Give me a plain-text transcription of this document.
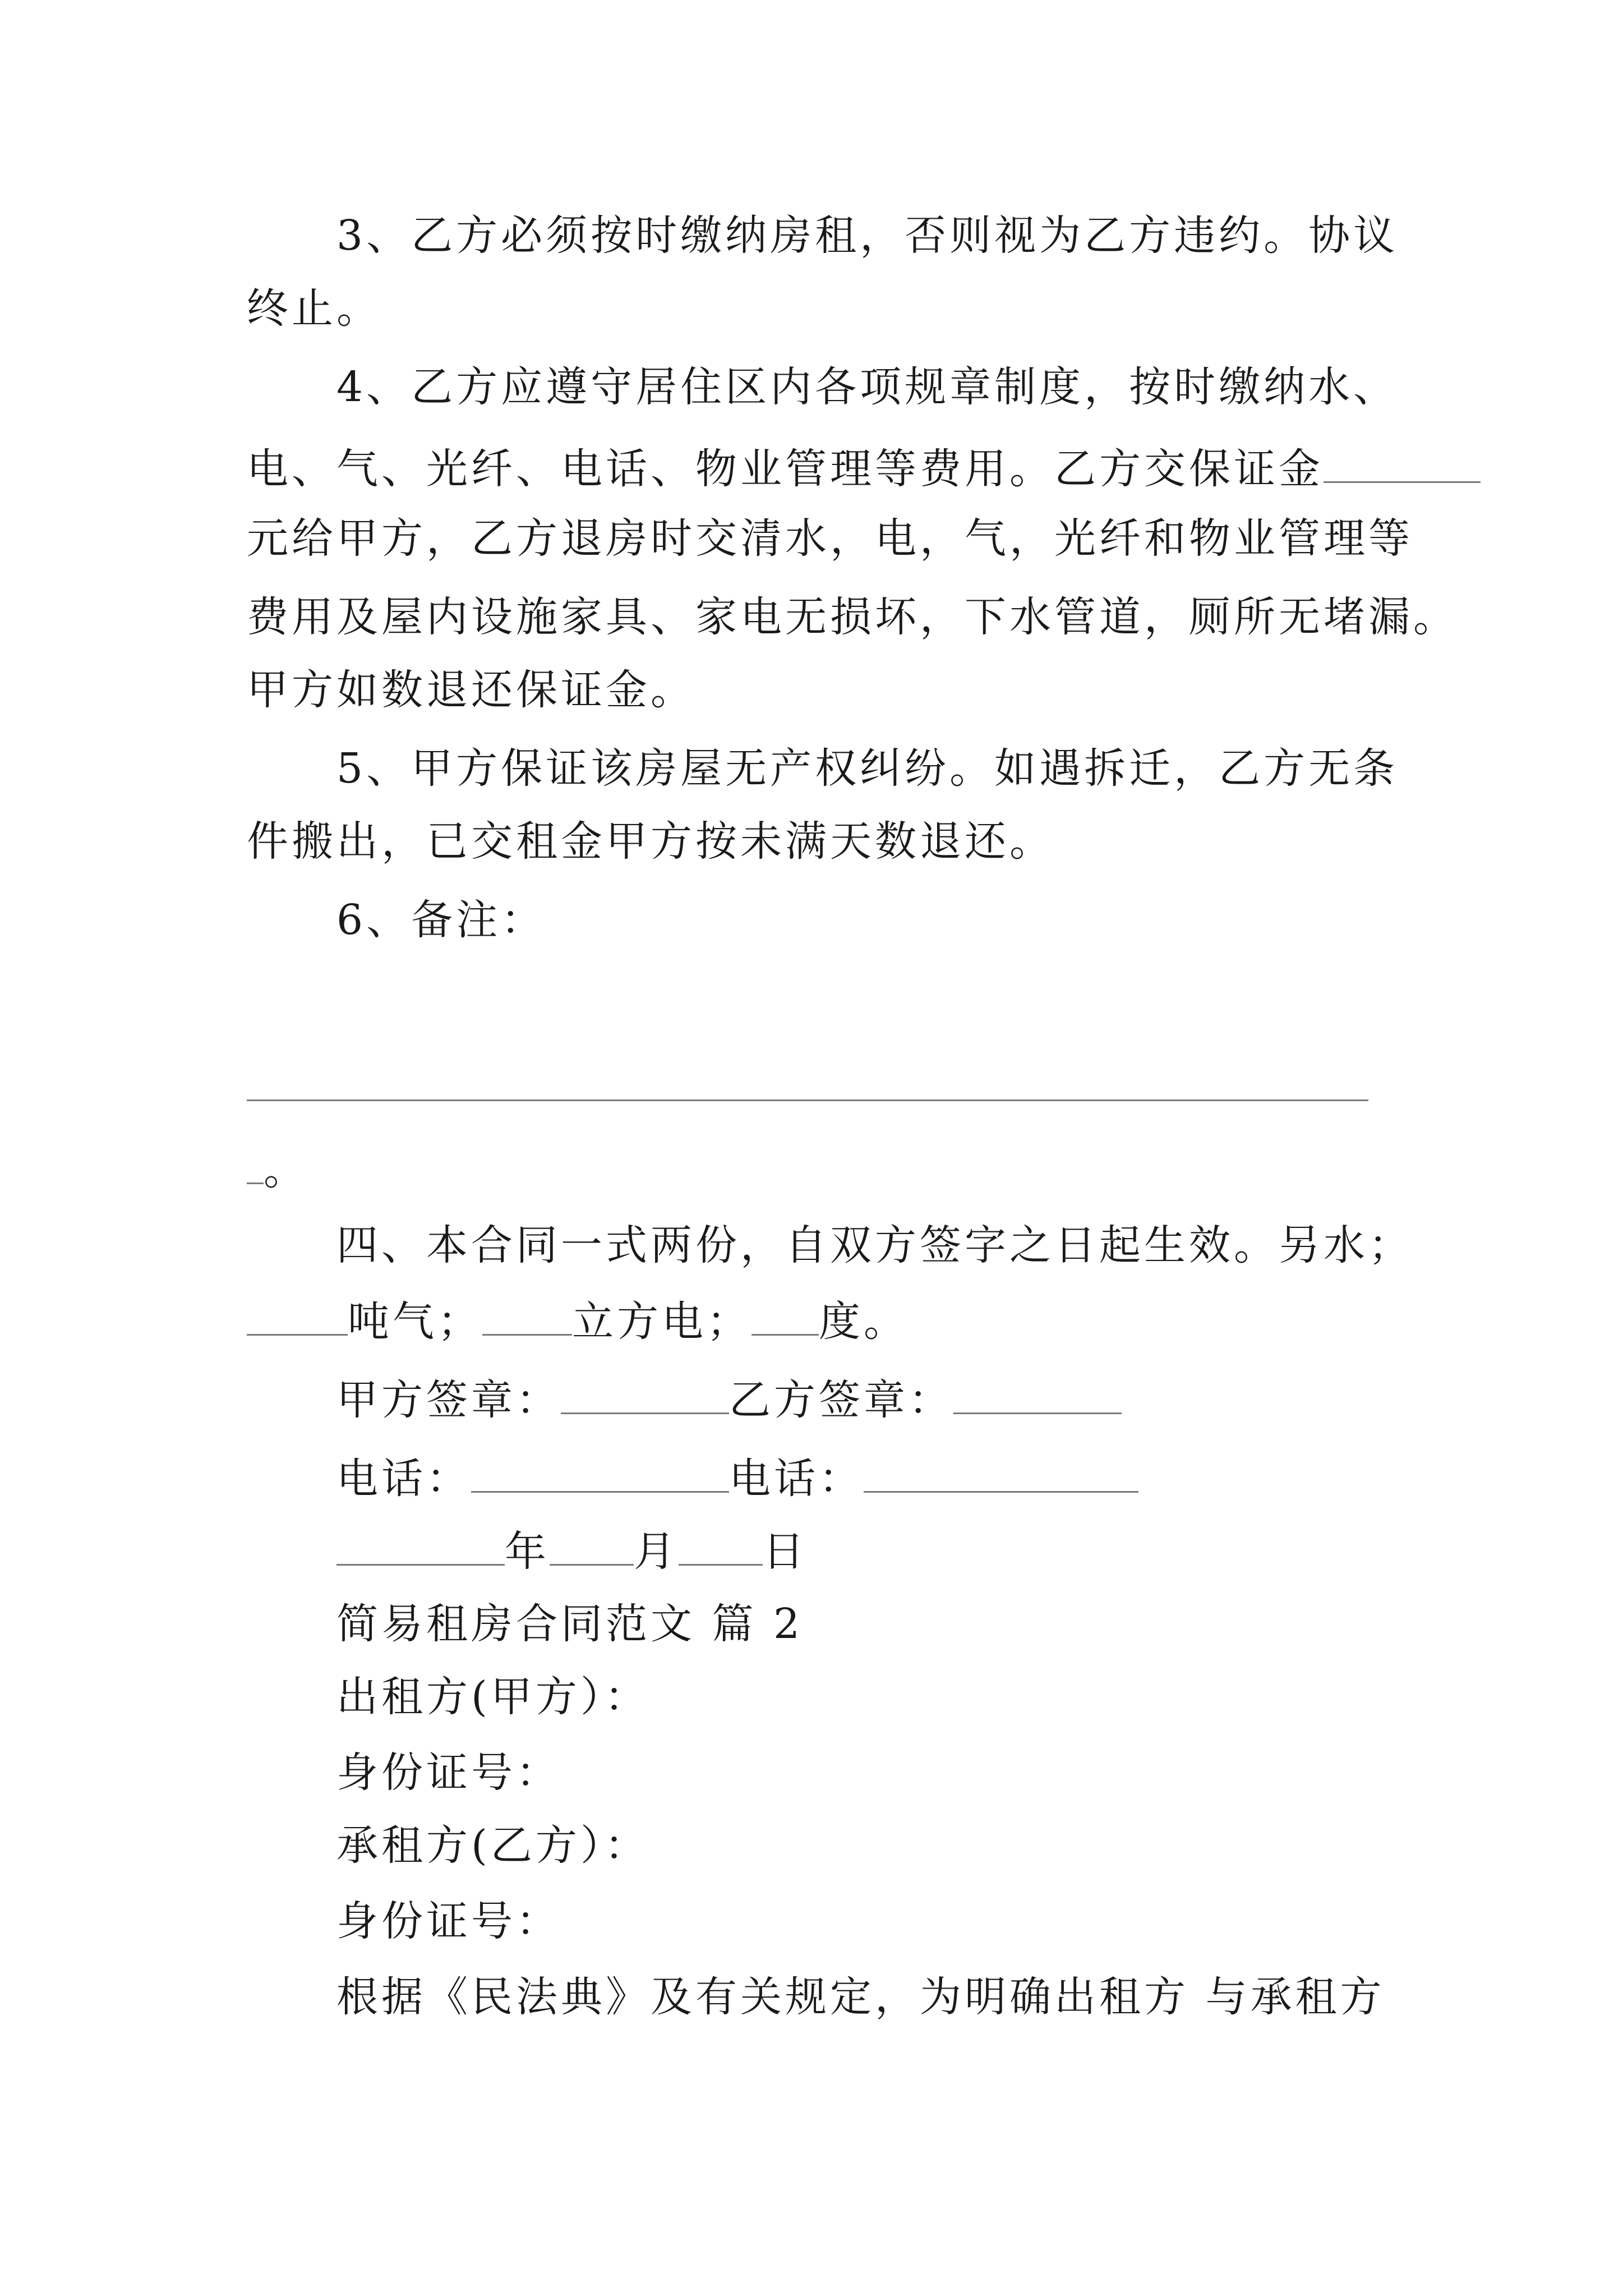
3、乙方必须按时缴纳房租，否则视为乙方违约。协议
终止。
4、乙方应遵守居住区内各项规章制度，按时缴纳水、
电、气、光纤、电话、物业管理等费用。乙方交保证金
元给甲方，乙方退房时交清水，电，气，光纤和物业管理等
费用及屋内设施家具、家电无损坏，下水管道，厕所无堵漏。
甲方如数退还保证金。
5、甲方保证该房屋无产权纠纷。如遇拆迁，乙方无条
件搬出，已交租金甲方按未满天数退还。
6、备注：
。
四、本合同一式两份，自双方签字之日起生效。另水；
吨气； 立方电； 度。
甲方签章：	乙方签章：
电话：	电话：
年 月 日
简易租房合同范文 篇 2
出租方(甲方）：
身份证号：
承租方(乙方）：
身份证号：
根据《民法典》及有关规定，为明确出租方 与承租方
